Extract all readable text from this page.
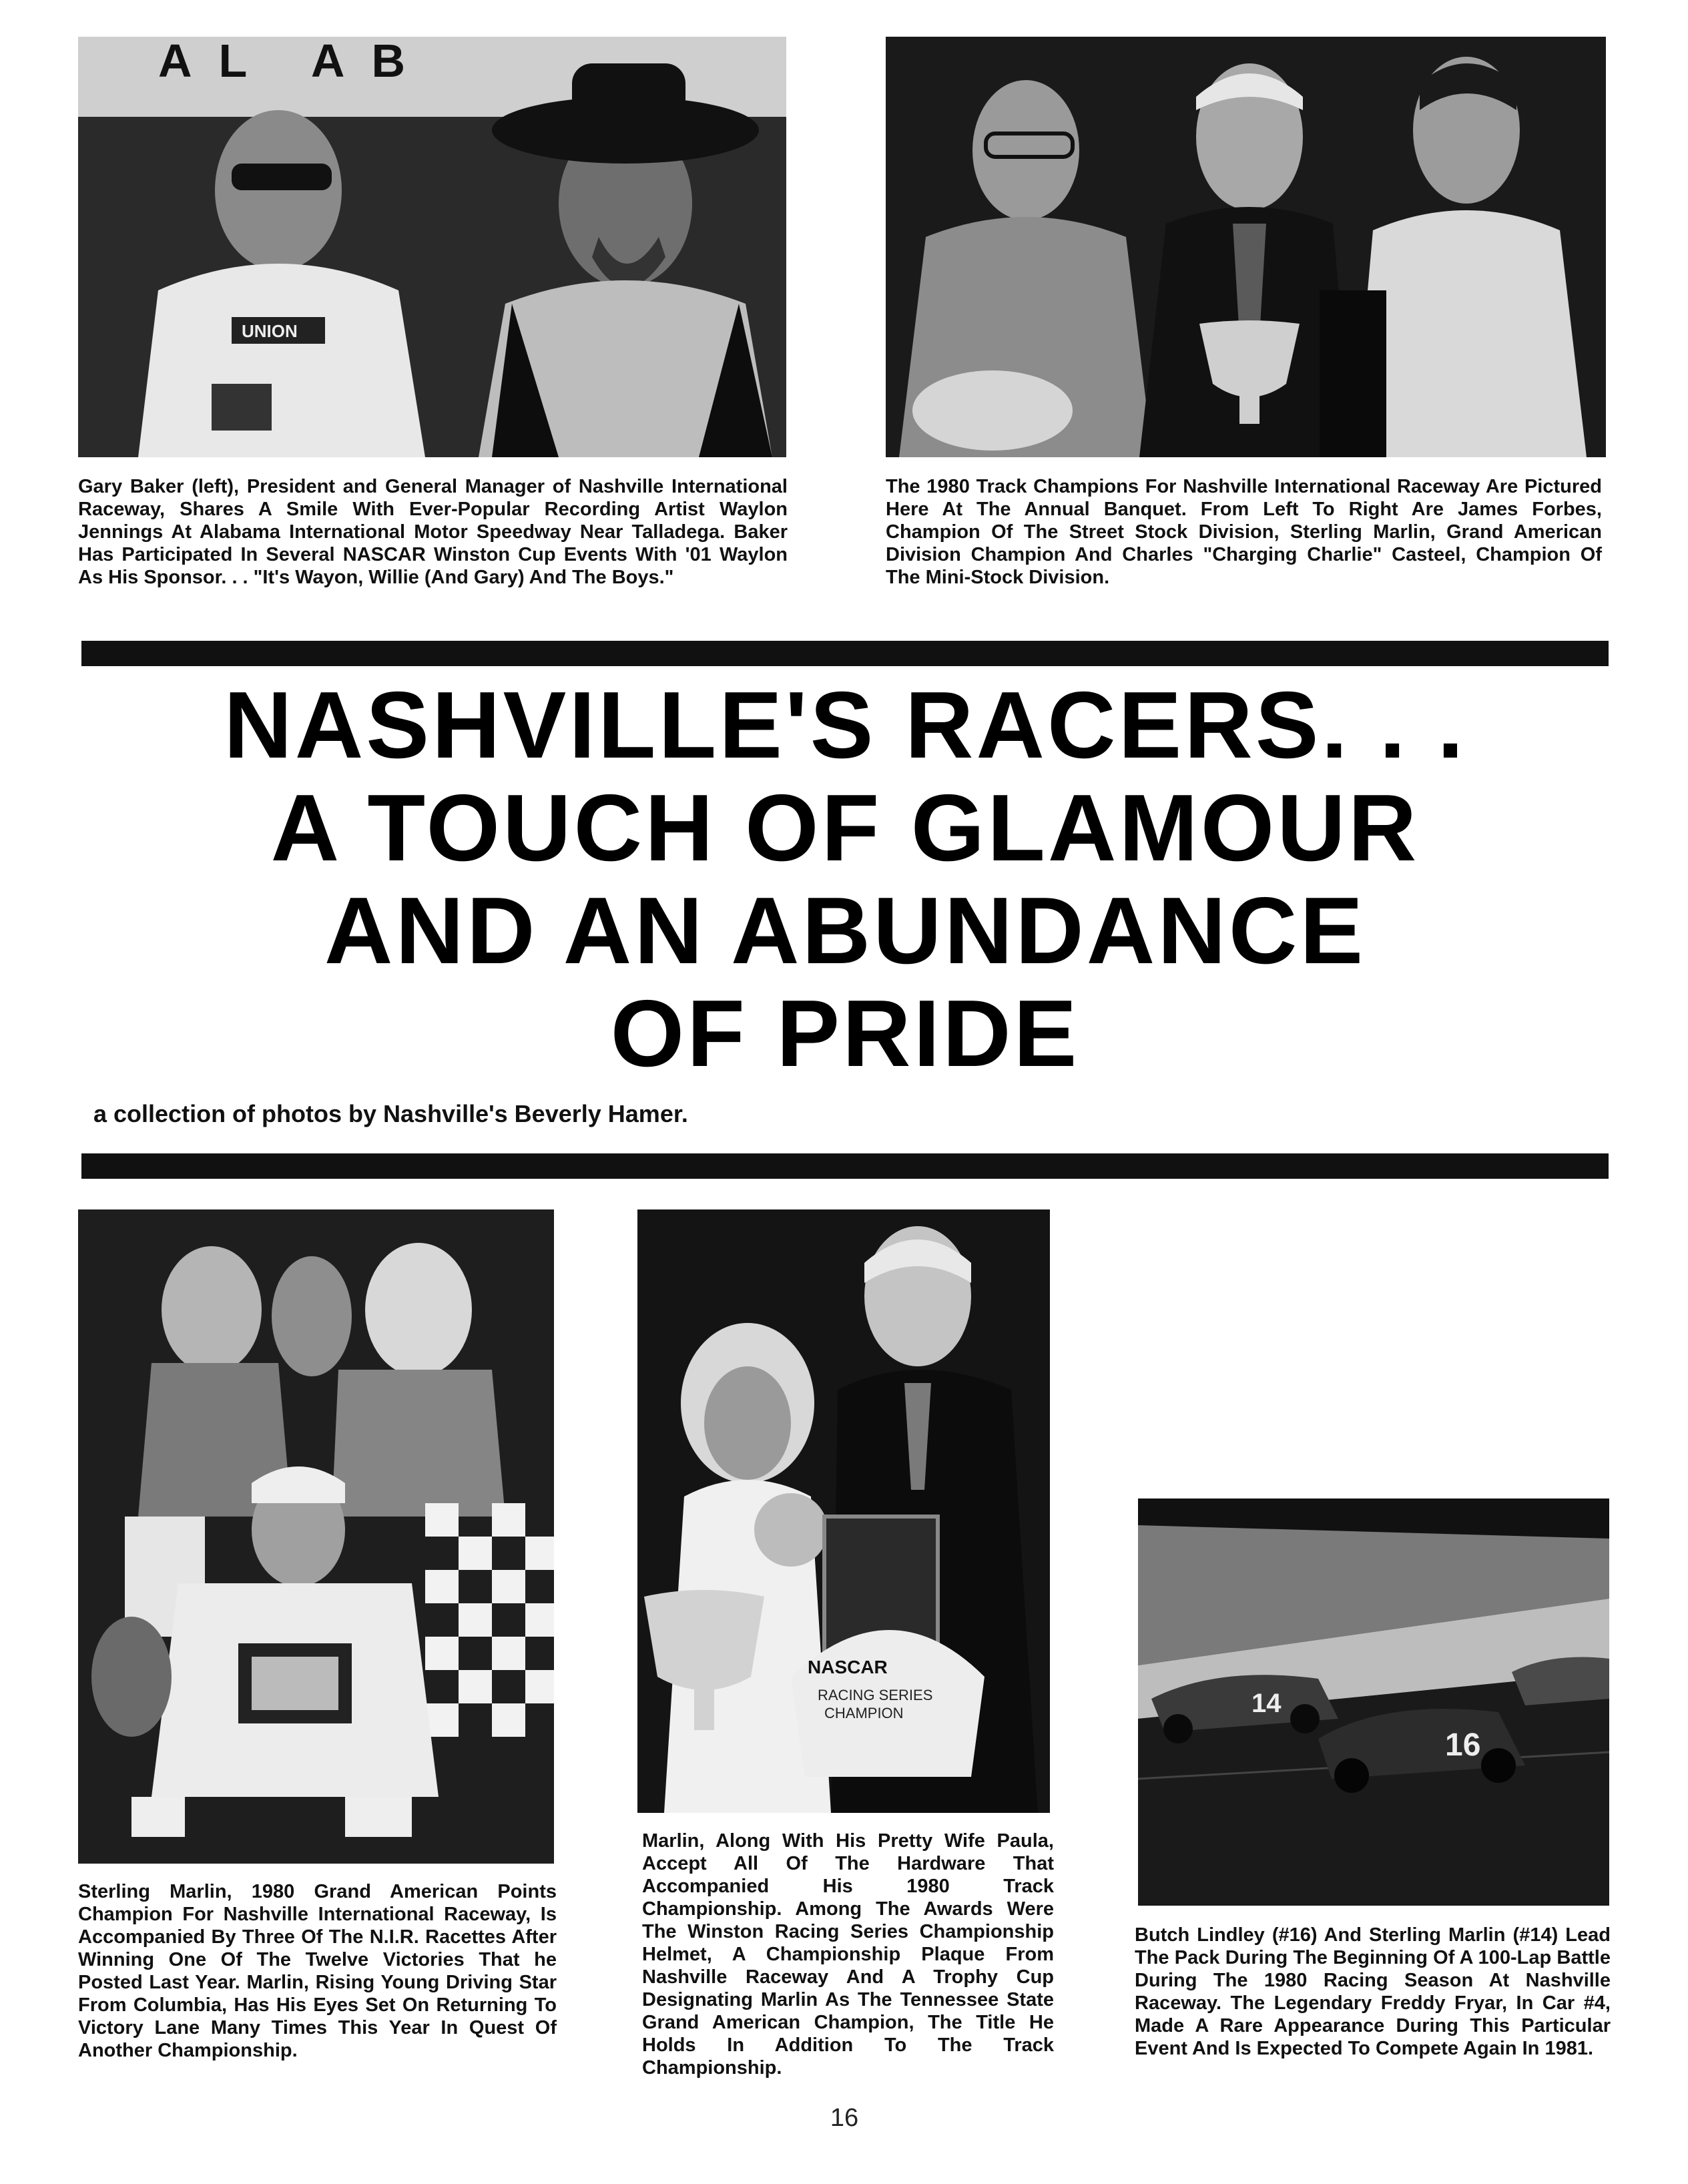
AL AB
UNION

Gary Baker (left), President and General Manager of Nashville International Raceway, Shares A Smile With Ever-Popular Recording Artist Waylon Jennings At Alabama International Motor Speedway Near Talladega. Baker Has Participated In Several NASCAR Winston Cup Events With '01 Waylon As His Sponsor. . . "It's Wayon, Willie (And Gary) And The Boys."

The 1980 Track Champions For Nashville International Raceway Are Pictured Here At The Annual Banquet. From Left To Right Are James Forbes, Champion Of The Street Stock Division, Sterling Marlin, Grand American Division Champion And Charles "Charging Charlie" Casteel, Champion Of The Mini-Stock Division.

NASHVILLE'S RACERS. . .
A TOUCH OF GLAMOUR
AND AN ABUNDANCE
OF PRIDE

a collection of photos by Nashville's Beverly Hamer.

NASCAR
RACING SERIES
CHAMPION

Sterling Marlin, 1980 Grand American Points Champion For Nashville International Raceway, Is Accompanied By Three Of The N.I.R. Racettes After Winning One Of The Twelve Victories That he Posted Last Year. Marlin, Rising Young Driving Star From Columbia, Has His Eyes Set On Returning To Victory Lane Many Times This Year In Quest Of Another Championship.

Marlin, Along With His Pretty Wife Paula, Accept All Of The Hardware That Accompanied His 1980 Track Championship. Among The Awards Were The Winston Racing Series Championship Helmet, A Championship Plaque From Nashville Raceway And A Trophy Cup Designating Marlin As The Tennessee State Grand American Champion, The Title He Holds In Addition To The Track Championship.

14
16

Butch Lindley (#16) And Sterling Marlin (#14) Lead The Pack During The Beginning Of A 100-Lap Battle During The 1980 Racing Season At Nashville Raceway. The Legendary Freddy Fryar, In Car #4, Made A Rare Appearance During This Particular Event And Is Expected To Compete Again In 1981.

16
